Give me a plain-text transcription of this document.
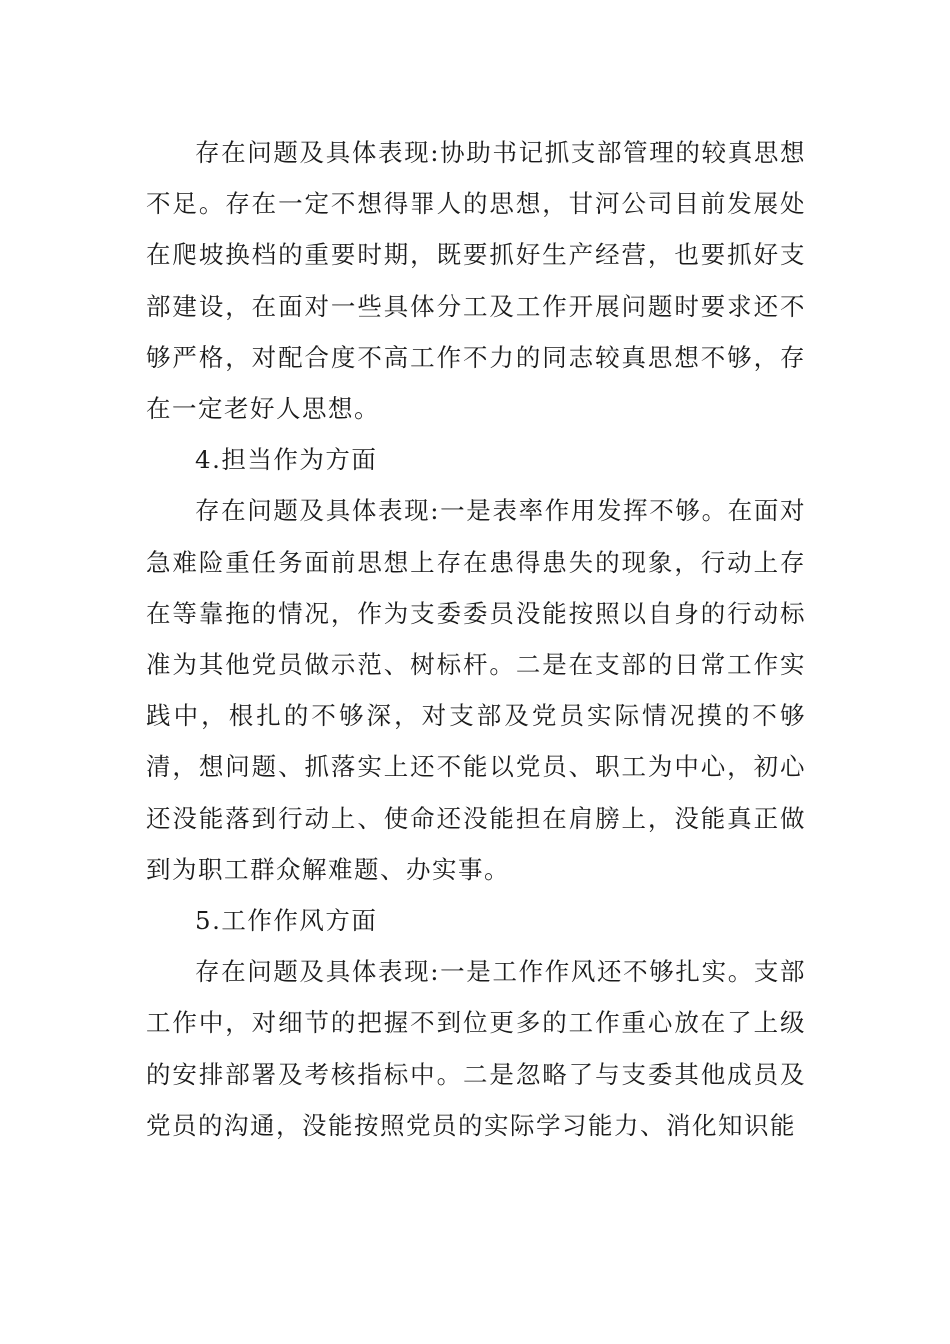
存在问题及具体表现:协助书记抓支部管理的较真思想不足。存在一定不想得罪人的思想，甘河公司目前发展处在爬坡换档的重要时期，既要抓好生产经营，也要抓好支部建设，在面对一些具体分工及工作开展问题时要求还不够严格，对配合度不高工作不力的同志较真思想不够，存在一定老好人思想。

4.担当作为方面

存在问题及具体表现:一是表率作用发挥不够。在面对急难险重任务面前思想上存在患得患失的现象，行动上存在等靠拖的情况，作为支委委员没能按照以自身的行动标准为其他党员做示范、树标杆。二是在支部的日常工作实践中，根扎的不够深，对支部及党员实际情况摸的不够清，想问题、抓落实上还不能以党员、职工为中心，初心还没能落到行动上、使命还没能担在肩膀上，没能真正做到为职工群众解难题、办实事。

5.工作作风方面

存在问题及具体表现:一是工作作风还不够扎实。支部工作中，对细节的把握不到位更多的工作重心放在了上级的安排部署及考核指标中。二是忽略了与支委其他成员及党员的沟通，没能按照党员的实际学习能力、消化知识能
